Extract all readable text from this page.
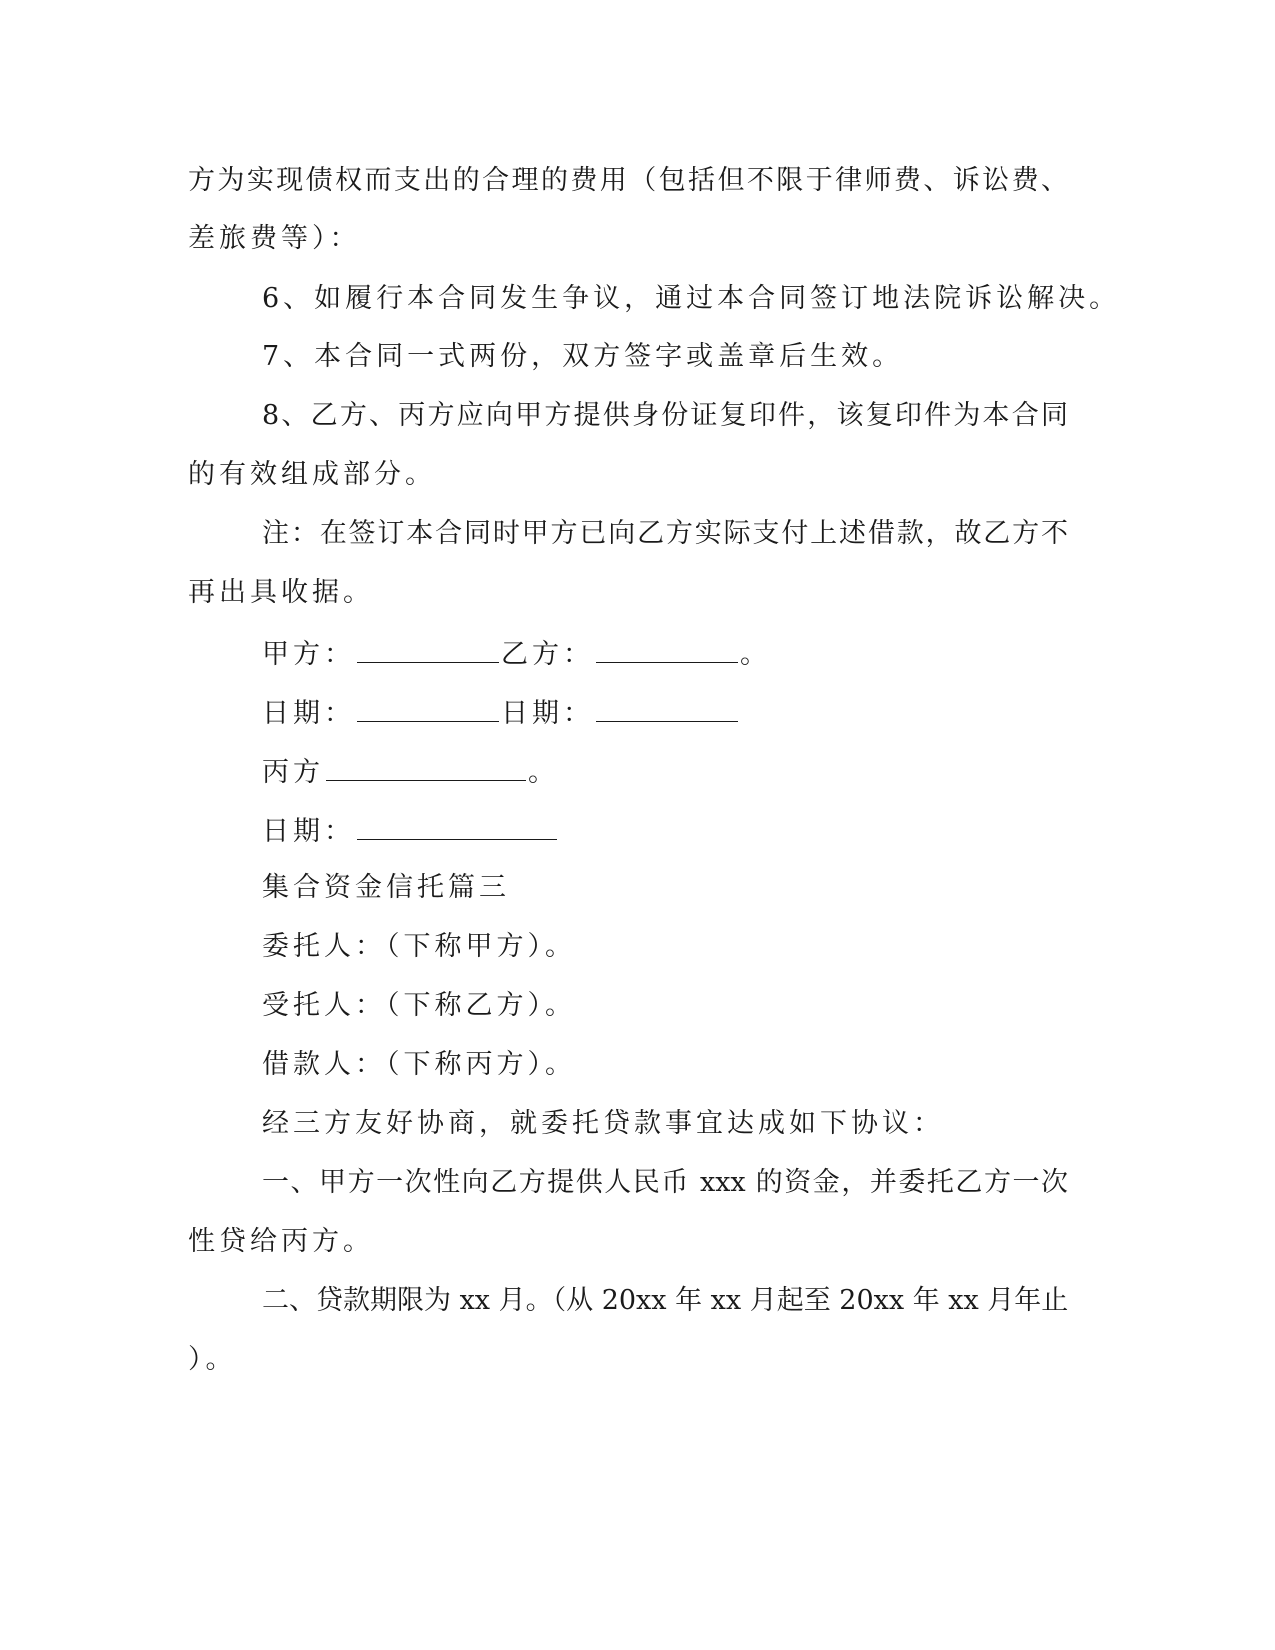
方为实现债权而支出的合理的费用（包括但不限于律师费、诉讼费、
差旅费等）：
6、如履行本合同发生争议，通过本合同签订地法院诉讼解决。
7、本合同一式两份，双方签字或盖章后生效。
8、乙方、丙方应向甲方提供身份证复印件，该复印件为本合同
的有效组成部分。
注：在签订本合同时甲方已向乙方实际支付上述借款，故乙方不
再出具收据。
甲方：	乙方：	。
日期：	日期：
丙方	。
日期：
集合资金信托篇三
委托人：（下称甲方）。
受托人：（下称乙方）。
借款人：（下称丙方）。
经三方友好协商，就委托贷款事宜达成如下协议：
一、甲方一次性向乙方提供人民币 xxx 的资金，并委托乙方一次
性贷给丙方。
二、贷款期限为 xx 月。（从 20xx 年 xx 月起至 20xx 年 xx 月年止
）。
